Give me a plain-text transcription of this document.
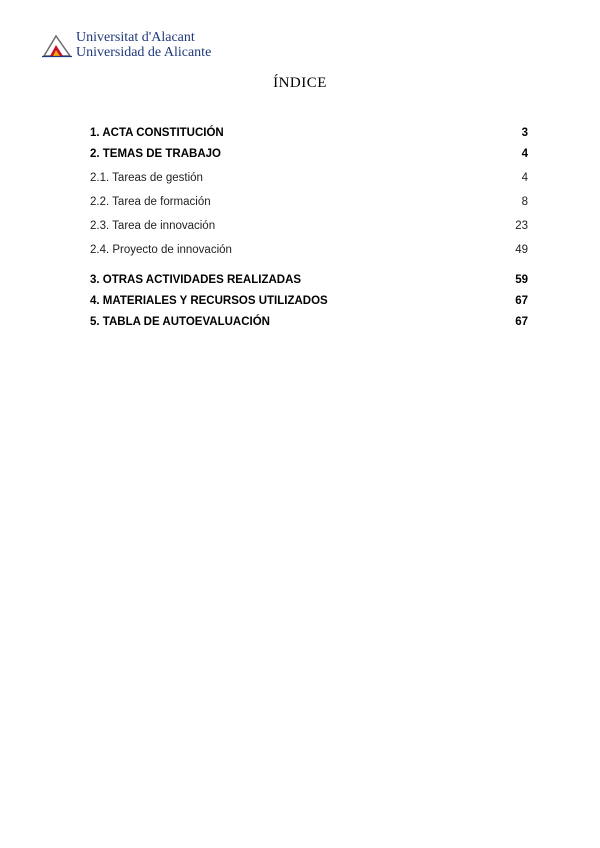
Universitat d'Alacant
Universidad de Alicante
ÍNDICE
1. ACTA CONSTITUCIÓN	3
2. TEMAS DE TRABAJO	4
2.1. Tareas de gestión	4
2.2. Tarea de formación	8
2.3. Tarea de innovación	23
2.4. Proyecto de innovación	49
3. OTRAS ACTIVIDADES REALIZADAS	59
4. MATERIALES Y RECURSOS UTILIZADOS	67
5. TABLA DE AUTOEVALUACIÓN	67
